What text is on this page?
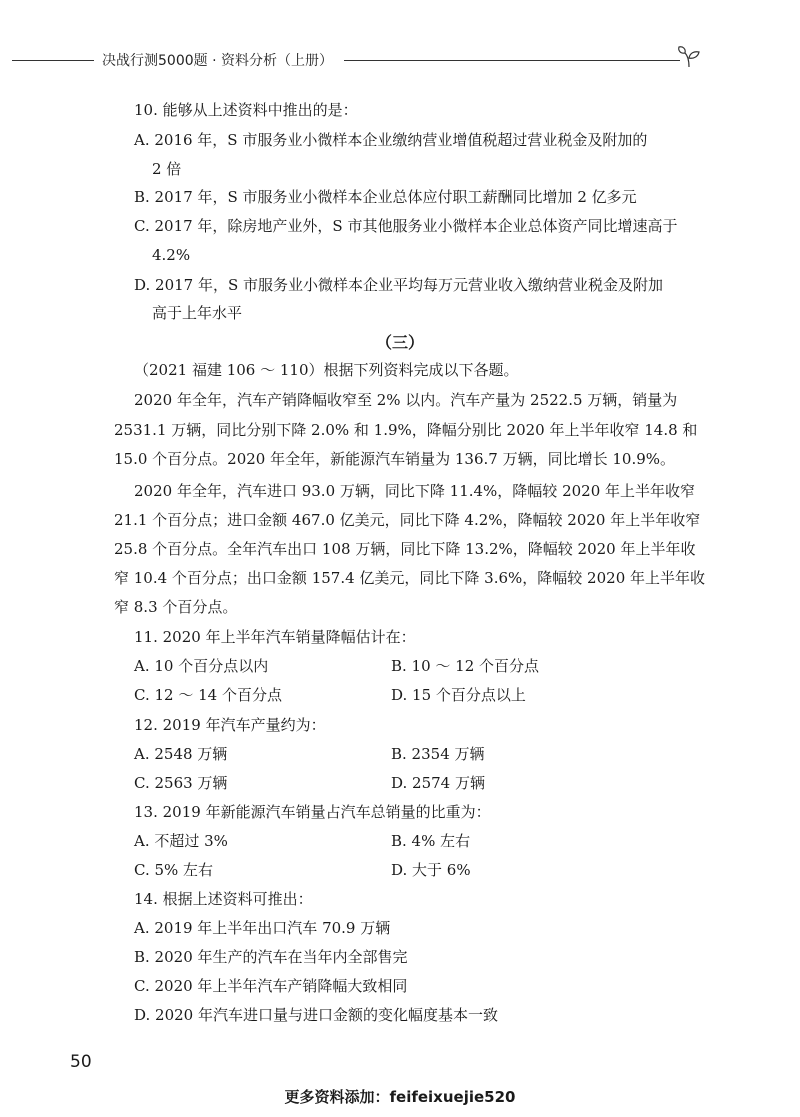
决战行测5000题 · 资料分析（上册）
10. 能够从上述资料中推出的是：
A. 2016 年，S 市服务业小微样本企业缴纳营业增值税超过营业税金及附加的
2 倍
B. 2017 年，S 市服务业小微样本企业总体应付职工薪酬同比增加 2 亿多元
C. 2017 年，除房地产业外，S 市其他服务业小微样本企业总体资产同比增速高于
4.2%
D. 2017 年，S 市服务业小微样本企业平均每万元营业收入缴纳营业税金及附加
高于上年水平
（三）
（2021 福建 106 ～ 110）根据下列资料完成以下各题。
2020 年全年，汽车产销降幅收窄至 2% 以内。汽车产量为 2522.5 万辆，销量为
2531.1 万辆，同比分别下降 2.0% 和 1.9%，降幅分别比 2020 年上半年收窄 14.8 和
15.0 个百分点。2020 年全年，新能源汽车销量为 136.7 万辆，同比增长 10.9%。
2020 年全年，汽车进口 93.0 万辆，同比下降 11.4%，降幅较 2020 年上半年收窄
21.1 个百分点；进口金额 467.0 亿美元，同比下降 4.2%，降幅较 2020 年上半年收窄
25.8 个百分点。全年汽车出口 108 万辆，同比下降 13.2%，降幅较 2020 年上半年收
窄 10.4 个百分点；出口金额 157.4 亿美元，同比下降 3.6%，降幅较 2020 年上半年收
窄 8.3 个百分点。
11. 2020 年上半年汽车销量降幅估计在：
A. 10 个百分点以内	B. 10 ～ 12 个百分点
C. 12 ～ 14 个百分点	D. 15 个百分点以上
12. 2019 年汽车产量约为：
A. 2548 万辆	B. 2354 万辆
C. 2563 万辆	D. 2574 万辆
13. 2019 年新能源汽车销量占汽车总销量的比重为：
A. 不超过 3%	B. 4% 左右
C. 5% 左右	D. 大于 6%
14. 根据上述资料可推出：
A. 2019 年上半年出口汽车 70.9 万辆
B. 2020 年生产的汽车在当年内全部售完
C. 2020 年上半年汽车产销降幅大致相同
D. 2020 年汽车进口量与进口金额的变化幅度基本一致
50
更多资料添加：feifeixuejie520
